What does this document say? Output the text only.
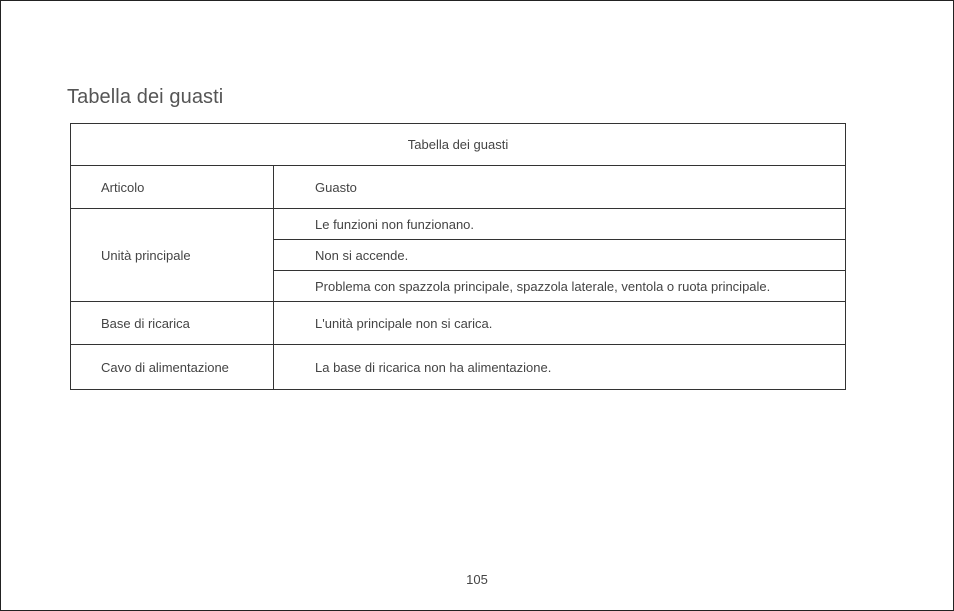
Tabella dei guasti
Tabella dei guasti	
Articolo	Guasto
Unità principale	Le funzioni non funzionano.
	Non si accende.
	Problema con spazzola principale, spazzola laterale, ventola o ruota principale.
Base di ricarica	L'unità principale non si carica.
Cavo di alimentazione	La base di ricarica non ha alimentazione.
105
